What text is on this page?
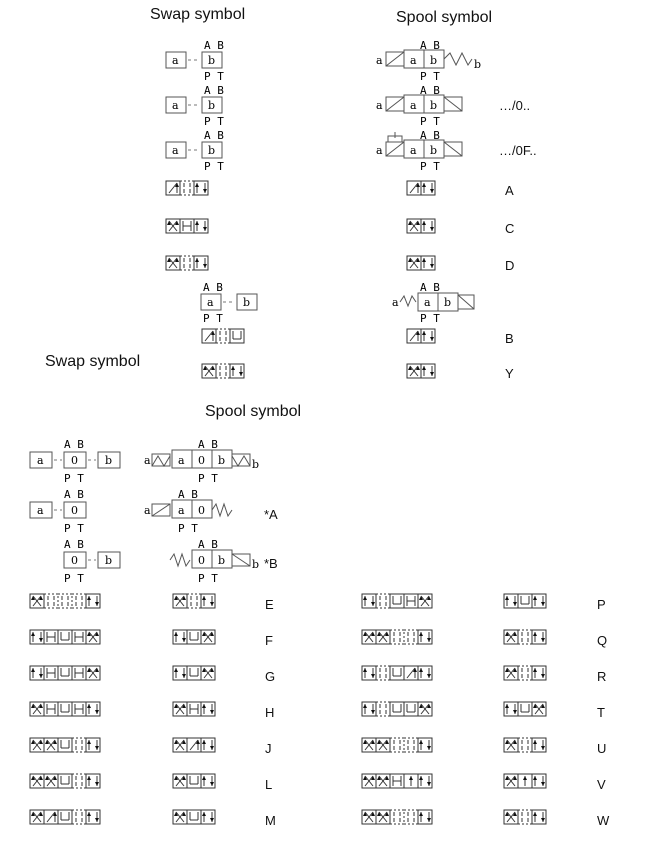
Swap symbol	Spool symbol
Swap symbol
Spool symbol
A B
a	b
P T
A B
a a b	b
P T
A B
a	b
P T
A B
a a b
P T
A B
a	b
P T
A B
a a b
P T
…/0..
…/0F..
A
C
D
B
Y
A B
a	b
P T
A B
a a b
P T
A B
a 0 b
P T
A B
a a 0 b b
P T
A B
a 0
P T
A B
a a 0
P T
*A
A B
0 b
P T
A B
0 b b
P T
*B
E
F
G
H
J
L
M
P
Q
R
T
U
V
W
